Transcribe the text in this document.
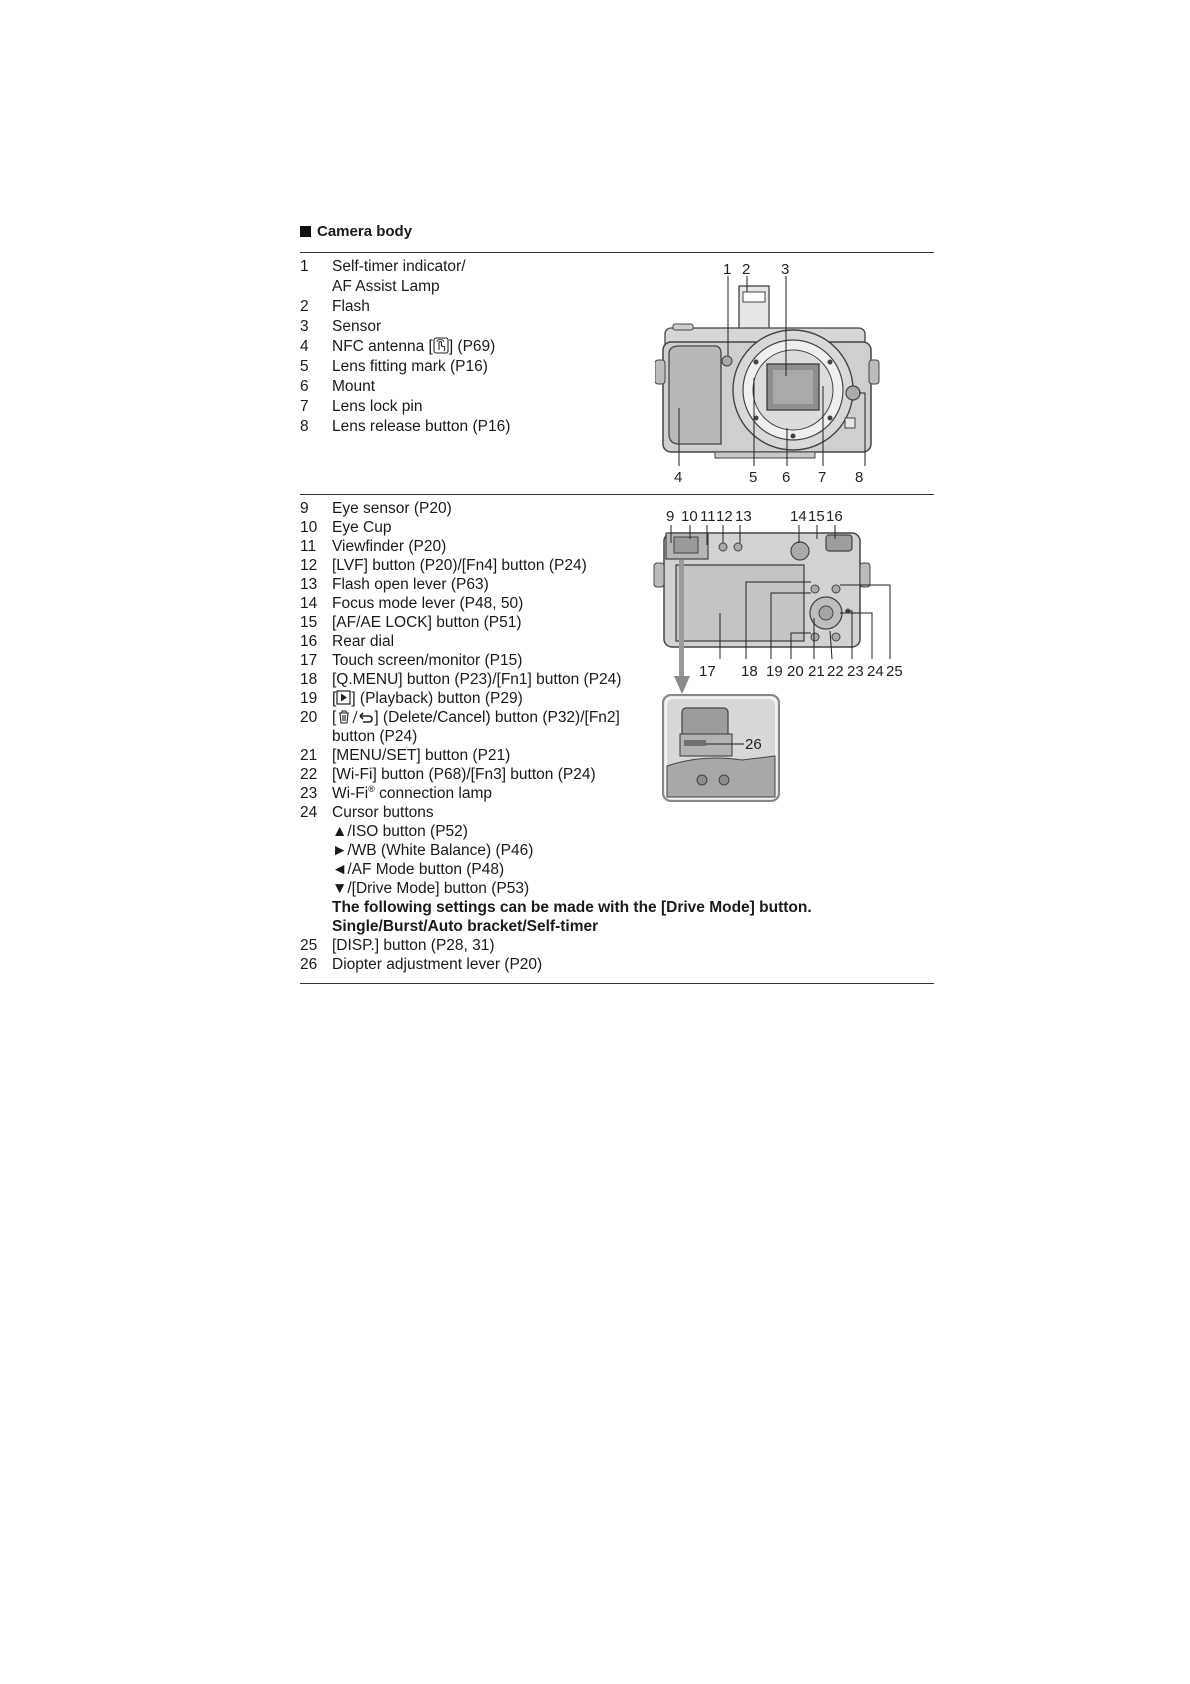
Camera body
1	Self-timer indicator/
AF Assist Lamp
2	Flash
3	Sensor
4	NFC antenna [ ] (P69)
5	Lens fitting mark (P16)
6	Mount
7	Lens lock pin
8	Lens release button (P16)
9	Eye sensor (P20)
10 Eye Cup
11	Viewfinder (P20)
12 [LVF] button (P20)/[Fn4] button (P24)
13 Flash open lever (P63)
14 Focus mode lever (P48, 50)
15 [AF/AE LOCK] button (P51)
16 Rear dial
17 Touch screen/monitor (P15)
18 [Q.MENU] button (P23)/[Fn1] button (P24)
19 [ ] (Playback) button (P29)
20 [ ] (Delete/Cancel) button (P32)/[Fn2]
button (P24)
21 [MENU/SET] button (P21)
22 [Wi-Fi] button (P68)/[Fn3] button (P24)
23 Wi-Fi® connection lamp
24 Cursor buttons
▲/ISO button (P52)
►/WB (White Balance) (P46)
◄/AF Mode button (P48)
▼/[Drive Mode] button (P53)
The following settings can be made with the [Drive Mode] button.
Single/Burst/Auto bracket/Self-timer
25 [DISP.] button (P28, 31)
26 Diopter adjustment lever (P20)
1 2 3
4	5 6 7 8
9 10 11 12 13	14 15 16
17 18 19 20 21 22 23 24 25
26
